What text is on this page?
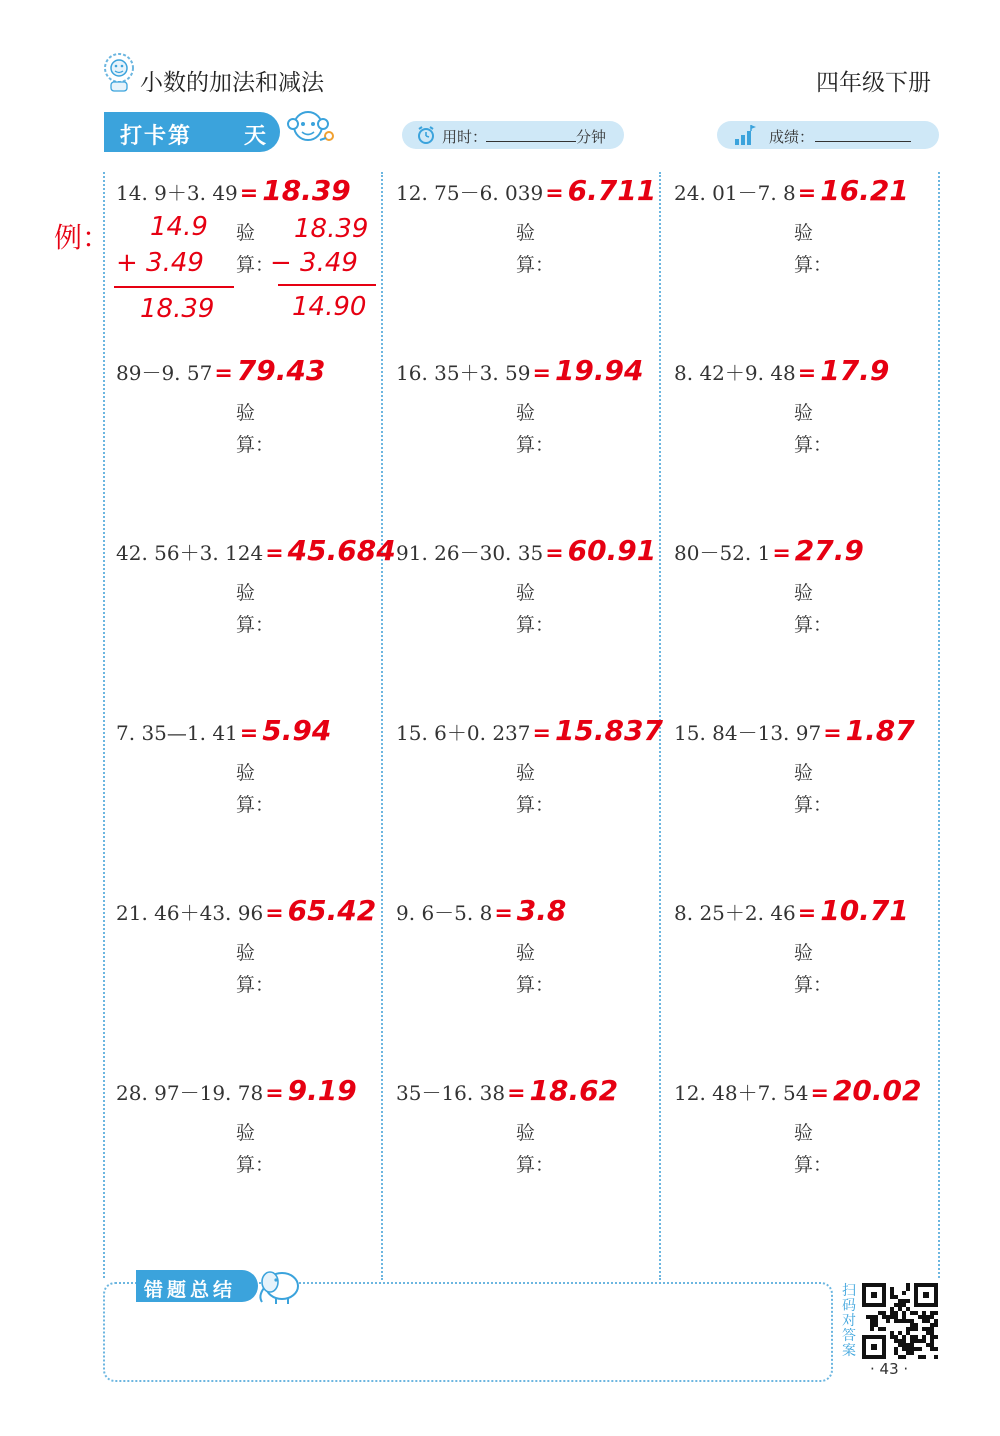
小数的加法和减法	四年级下册
打卡第 天	用时：	分钟	成绩：
例： 14.9
+ 3.49
18.39
18.39
− 3.49
14.90
14. 9＋3. 49 = 18.39
验
算：
12. 75－6. 039 = 6.711
验
算：
24. 01－7. 8 = 16.21
验
算：
89－9. 57 = 79.43
验
算：
16. 35＋3. 59 = 19.94
验
算：
8. 42＋9. 48 = 17.9
验
算：
42. 56＋3. 124 = 45.684
验
算：
91. 26－30. 35 = 60.91
验
算：
80－52. 1 = 27.9
验
算：
7. 35—1. 41 = 5.94
验
算：
15. 6＋0. 237 = 15.837
验
算：
15. 84－13. 97 = 1.87
验
算：
21. 46＋43. 96 = 65.42
验
算：
9. 6－5. 8 = 3.8
验
算：
8. 25＋2. 46 = 10.71
验
算：
28. 97－19. 78 = 9.19
验
算：
35－16. 38 = 18.62
验
算：
12. 48＋7. 54 = 20.02
验
算：
错题总结	扫码对答案
· 43 ·
